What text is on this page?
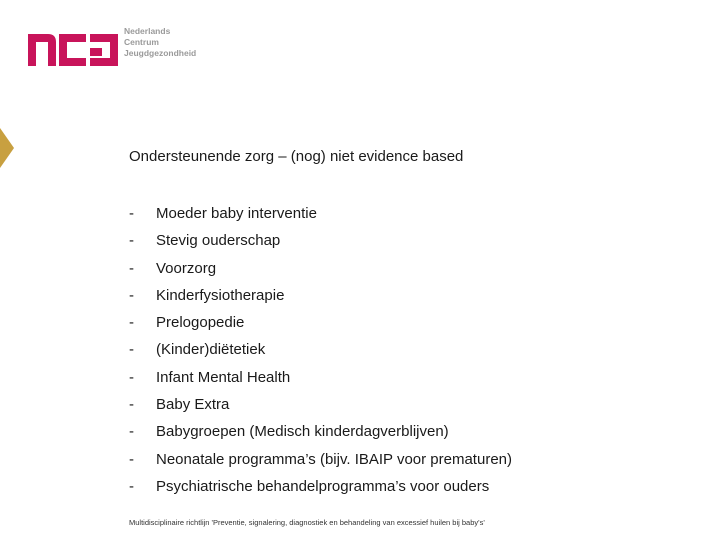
Nederlands
Centrum
Jeugdgezondheid
Ondersteunende zorg – (nog) niet evidence based
-	Moeder baby interventie
-	Stevig ouderschap
-	Voorzorg
-	Kinderfysiotherapie
-	Prelogopedie
-	(Kinder)diëtetiek
-	Infant Mental Health
-	Baby Extra
-	Babygroepen (Medisch kinderdagverblijven)
-	Neonatale programma’s (bijv. IBAIP voor prematuren)
-	Psychiatrische behandelprogramma’s voor ouders
Multidisciplinaire richtlijn 'Preventie, signalering, diagnostiek en behandeling van excessief huilen bij baby's'
